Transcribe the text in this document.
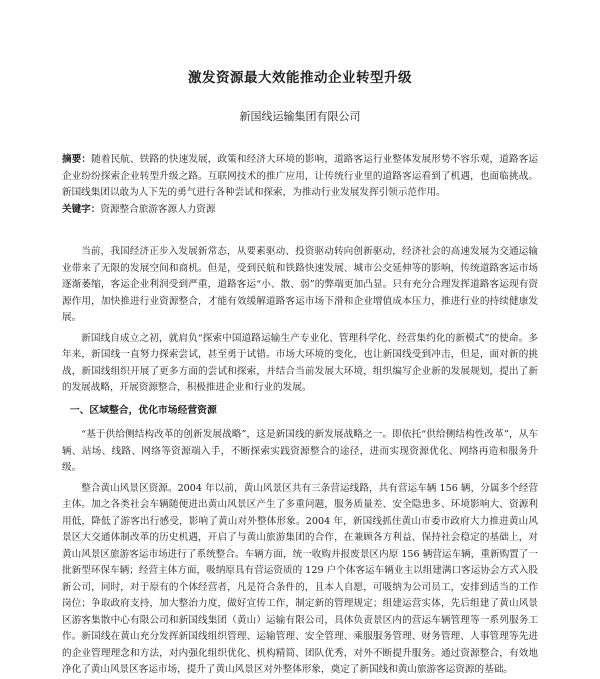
激发资源最大效能推动企业转型升级
新国线运输集团有限公司
摘要：随着民航、铁路的快速发展，政策和经济大环境的影响，道路客运行业整体发展形势不容乐观，道路客运企业纷纷探索企业转型升级之路。互联网技术的推广应用，让传统行业里的道路客运看到了机遇，也面临挑战。新国线集团以敢为人下先的勇气进行各种尝试和探索，为推动行业发展发挥引领示范作用。
关键字：资源整合旅游客源人力资源

当前，我国经济正步入发展新常态，从要素驱动、投资驱动转向创新驱动，经济社会的高速发展为交通运输业带来了无限的发展空间和商机。但是，受到民航和铁路快速发展、城市公交延伸等的影响，传统道路客运市场逐渐萎缩，客运企业利润受到严重，道路客运“小、散、弱”的弊端更加凸显。只有充分合理发挥道路客运现有资源作用，加快推进行业资源整合，才能有效缓解道路客运市场下滑和企业增值成本压力，推进行业的持续健康发展。

新国线自成立之初，就肩负“探索中国道路运输生产专业化、管理科学化、经营集约化的新模式”的使命。多年来，新国线一直努力探索尝试，甚至勇于试错。市场大环境的变化，也让新国线受到冲击，但是，面对新的挑战，新国线组织开展了更多方面的尝试和探索，并结合当前发展大环境，组织编写企业新的发展规划，提出了新的发展战略，开展资源整合，积极推进企业和行业的发展。

一、区域整合，优化市场经营资源

“基于供给侧结构改革的创新发展战略”，这是新国线的新发展战略之一。即依托“供给侧结构性改革”，从车辆、站场、线路、网络等资源端入手，不断探索实践资源整合的途径，进而实现资源优化、网络再造和服务升级。

整合黄山风景区资源。2004 年以前，黄山风景区共有三条营运线路，共有营运车辆 156 辆，分属多个经营主体。加之各类社会车辆随便进出黄山风景区产生了多重问题，服务质量差、安全隐患多、环境影响大、资源利用低，降低了游客出行感受，影响了黄山对外整体形象。2004 年，新国线抓住黄山市委市政府大力推进黄山风景区大交通体制改革的历史机遇，开启了与黄山旅游集团的合作，在兼顾各方利益、保持社会稳定的基础上，对黄山风景区旅游客运市场进行了系统整合。车辆方面，统一收购并报废景区内原 156 辆营运车辆，重新购置了一批新型环保车辆；经营主体方面，吸纳原具有营运资质的 129 户个体客运车辆业主以组建满口客运协会方式入股新公司，同时，对于原有的个体经营者，凡是符合条件的，且本人自愿，可吸纳为公司员工，安排到适当的工作岗位；争取政府支持，加大整治力度，做好宣传工作，制定新的管理规定；组建运营实体，先后组建了黄山风景区游客集散中心有限公司和新国线集团（黄山）运输有限公司，具体负责景区内的营运车辆管理等一系列服务工作。新国线在黄山充分发挥新国线组织管理、运输管理、安全管理、乘服服务管理、财务管理、人事管理等先进的企业管理理念和方法，对内强化组织优化、机构精简、团队优秀，对外不断提升服务。通过资源整合，有效地净化了黄山风景区客运市场，提升了黄山风景区对外整体形象，奠定了新国线和黄山旅游客运资源的基础。
